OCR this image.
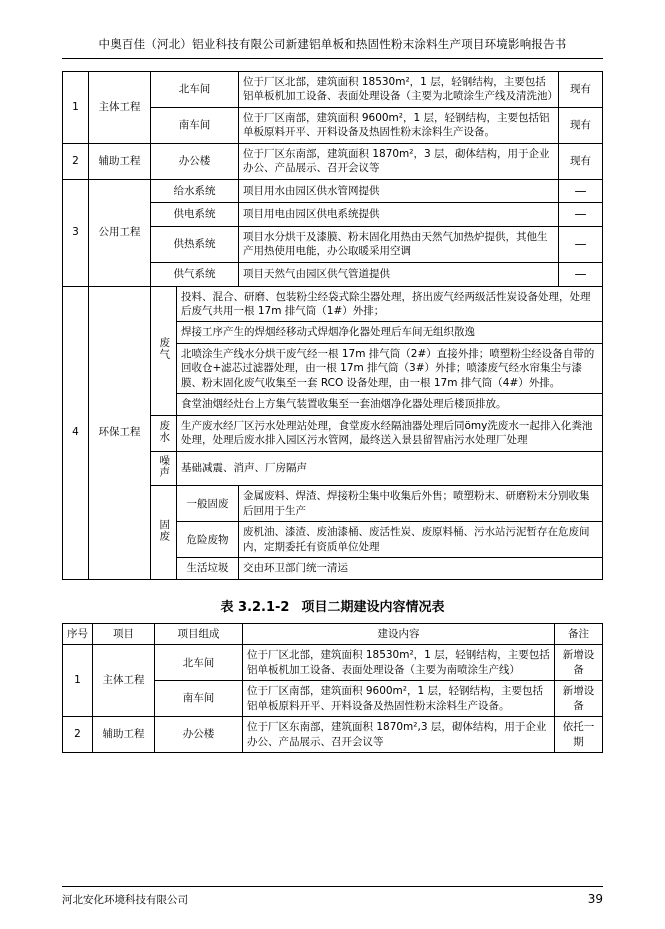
中奥百佳（河北）铝业科技有限公司新建铝单板和热固性粉末涂料生产项目环境影响报告书
1	主体工程	北车间		位于厂区北部，建筑面积 18530m²，1 层，轻钢结构，主要包括铝单板机加工设备、表面处理设备（主要为北喷涂生产线及清洗池）	现有
		南车间		位于厂区南部，建筑面积 9600m²，1 层，轻钢结构，主要包括铝单板原料开平、开料设备及热固性粉末涂料生产设备。	现有
2	辅助工程	办公楼		位于厂区东南部，建筑面积 1870m²，3 层，砌体结构，用于企业办公、产品展示、召开会议等	现有
3	公用工程	给水系统		项目用水由园区供水管网提供	—
		供电系统		项目用电由园区供电系统提供	—
		供热系统		项目水分烘干及漆膜、粉末固化用热由天然气加热炉提供，其他生产用热使用电能，办公取暖采用空调	—
		供气系统		项目天然气由园区供气管道提供	—
4	环保工程	废气	投料、混合、研磨、包装粉尘经袋式除尘器处理，挤出废气经两级活性炭设备处理，处理后废气共用一根 17m 排气筒（1#）外排；		
			焊接工序产生的焊烟经移动式焊烟净化器处理后车间无组织散逸		
			北喷涂生产线水分烘干废气经一根 17m 排气筒（2#）直接外排；喷塑粉尘经设备自带的回收仓+滤芯过滤器处理，由一根 17m 排气筒（3#）外排；喷漆废气经水帘集尘与漆膜、粉末固化废气收集至一套 RCO 设备处理，由一根 17m 排气筒（4#）外排。		
			食堂油烟经灶台上方集气装置收集至一套油烟净化器处理后楼顶排放。		
		废水	生产废水经厂区污水处理站处理，食堂废水经隔油器处理后同ömy洗废水一起排入化粪池处理，处理后废水排入园区污水管网，最终送入景县留智庙污水处理厂处理		
		噪声	基础减震、消声、厂房隔声		
		固废	一般固废	金属废料、焊渣、焊接粉尘集中收集后外售；喷塑粉末、研磨粉末分别收集后回用于生产	
			危险废物	废机油、漆渣、废油漆桶、废活性炭、废原料桶、污水站污泥暂存在危废间内，定期委托有资质单位处理	
			生活垃圾	交由环卫部门统一清运	
表 3.2.1-2 项目二期建设内容情况表
序号	项目	项目组成	建设内容	备注
1	主体工程	北车间	位于厂区北部，建筑面积 18530m²，1 层，轻钢结构，主要包括铝单板机加工设备、表面处理设备（主要为南喷涂生产线）	新增设备
		南车间	位于厂区南部，建筑面积 9600m²，1 层，轻钢结构，主要包括铝单板原料开平、开料设备及热固性粉末涂料生产设备。	新增设备
2	辅助工程	办公楼	位于厂区东南部，建筑面积 1870m²,3 层，砌体结构，用于企业办公、产品展示、召开会议等	依托一期
河北安化环境科技有限公司	39
